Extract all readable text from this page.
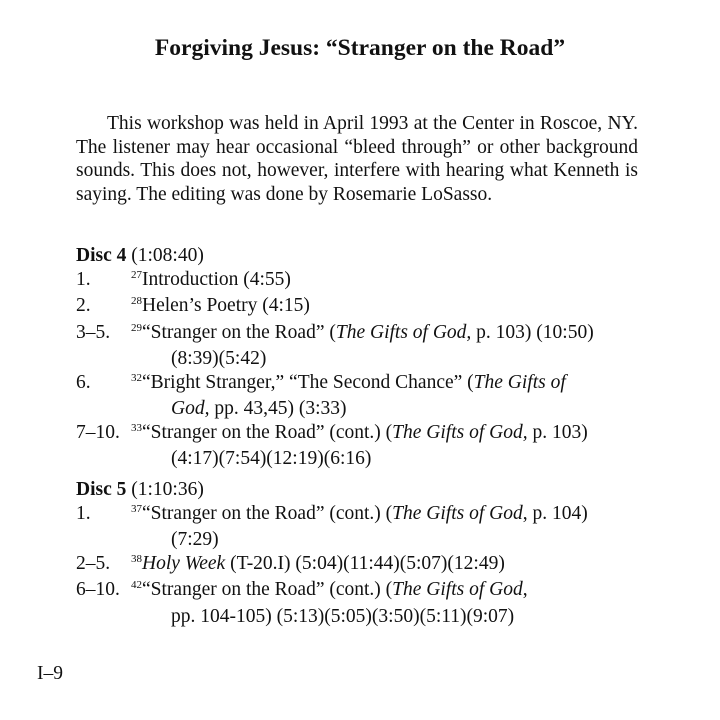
Forgiving Jesus: “Stranger on the Road”

This workshop was held in April 1993 at the Center in Roscoe, NY. The listener may hear occasional “bleed through” or other background sounds. This does not, however, interfere with hearing what Kenneth is saying. The editing was done by Rosemarie LoSasso.

Disc 4 (1:08:40)

1.	$^{27}$Introduction (4:55)
2.	$^{28}$Helen’s Poetry (4:15)
3–5. $^{29}$“Stranger on the Road” (The Gifts of God, p. 103) (10:50)
(8:39)(5:42)
6.	$^{32}$“Bright Stranger,” “The Second Chance” (The Gifts of
God, pp. 43,45) (3:33)
7–10. $^{33}$“Stranger on the Road” (cont.) (The Gifts of God, p. 103)
(4:17)(7:54)(12:19)(6:16)

Disc 5 (1:10:36)

1.	$^{37}$“Stranger on the Road” (cont.) (The Gifts of God, p. 104)
(7:29)
2–5. $^{38}$Holy Week (T-20.I) (5:04)(11:44)(5:07)(12:49)
6–10. $^{42}$“Stranger on the Road” (cont.) (The Gifts of God,
pp. 104-105) (5:13)(5:05)(3:50)(5:11)(9:07)
I–9
